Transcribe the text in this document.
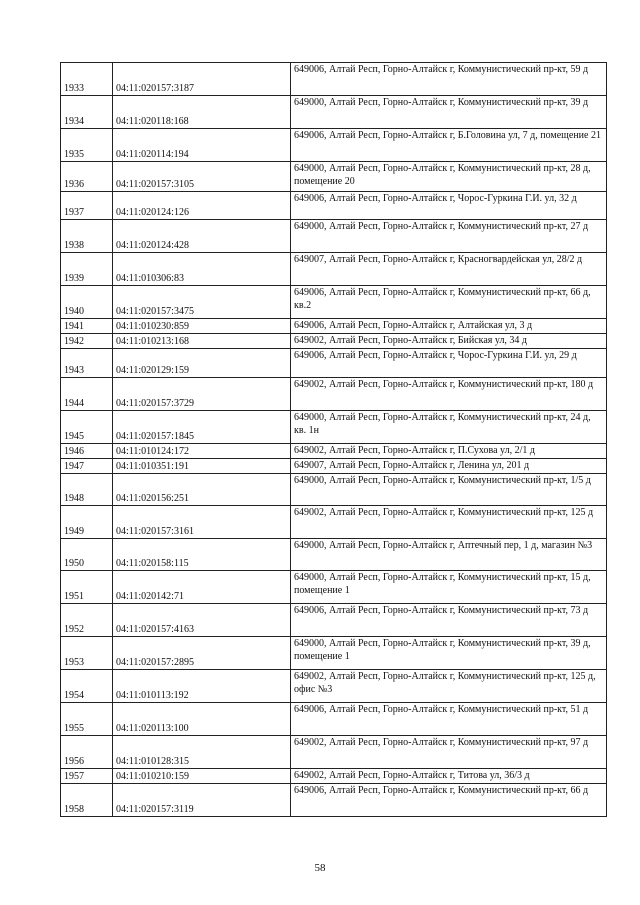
1933	04:11:020157:3187	649006, Алтай Респ, Горно-Алтайск г, Коммунистический пр-кт, 59 д
1934	04:11:020118:168	649000, Алтай Респ, Горно-Алтайск г, Коммунистический пр-кт, 39 д
1935	04:11:020114:194	649006, Алтай Респ, Горно-Алтайск г, Б.Головина ул, 7 д, помещение 21
1936	04:11:020157:3105	649000, Алтай Респ, Горно-Алтайск г, Коммунистический пр-кт, 28 д, помещение 20
1937	04:11:020124:126	649006, Алтай Респ, Горно-Алтайск г, Чорос-Гуркина Г.И. ул, 32 д
1938	04:11:020124:428	649000, Алтай Респ, Горно-Алтайск г, Коммунистический пр-кт, 27 д
1939	04:11:010306:83	649007, Алтай Респ, Горно-Алтайск г, Красногвардейская ул, 28/2 д
1940	04:11:020157:3475	649006, Алтай Респ, Горно-Алтайск г, Коммунистический пр-кт, 66 д, кв.2
1941	04:11:010230:859	649006, Алтай Респ, Горно-Алтайск г, Алтайская ул, 3 д
1942	04:11:010213:168	649002, Алтай Респ, Горно-Алтайск г, Бийская ул, 34 д
1943	04:11:020129:159	649006, Алтай Респ, Горно-Алтайск г, Чорос-Гуркина Г.И. ул, 29 д
1944	04:11:020157:3729	649002, Алтай Респ, Горно-Алтайск г, Коммунистический пр-кт, 180 д
1945	04:11:020157:1845	649000, Алтай Респ, Горно-Алтайск г, Коммунистический пр-кт, 24 д, кв. 1н
1946	04:11:010124:172	649002, Алтай Респ, Горно-Алтайск г, П.Сухова ул, 2/1 д
1947	04:11:010351:191	649007, Алтай Респ, Горно-Алтайск г, Ленина ул, 201 д
1948	04:11:020156:251	649000, Алтай Респ, Горно-Алтайск г, Коммунистический пр-кт, 1/5 д
1949	04:11:020157:3161	649002, Алтай Респ, Горно-Алтайск г, Коммунистический пр-кт, 125 д
1950	04:11:020158:115	649000, Алтай Респ, Горно-Алтайск г, Аптечный пер, 1 д, магазин №3
1951	04:11:020142:71	649000, Алтай Респ, Горно-Алтайск г, Коммунистический пр-кт, 15 д, помещение 1
1952	04:11:020157:4163	649006, Алтай Респ, Горно-Алтайск г, Коммунистический пр-кт, 73 д
1953	04:11:020157:2895	649000, Алтай Респ, Горно-Алтайск г, Коммунистический пр-кт, 39 д, помещение 1
1954	04:11:010113:192	649002, Алтай Респ, Горно-Алтайск г, Коммунистический пр-кт, 125 д, офис №3
1955	04:11:020113:100	649006, Алтай Респ, Горно-Алтайск г, Коммунистический пр-кт, 51 д
1956	04:11:010128:315	649002, Алтай Респ, Горно-Алтайск г, Коммунистический пр-кт, 97 д
1957	04:11:010210:159	649002, Алтай Респ, Горно-Алтайск г, Титова ул, 36/3 д
1958	04:11:020157:3119	649006, Алтай Респ, Горно-Алтайск г, Коммунистический пр-кт, 66 д
58
